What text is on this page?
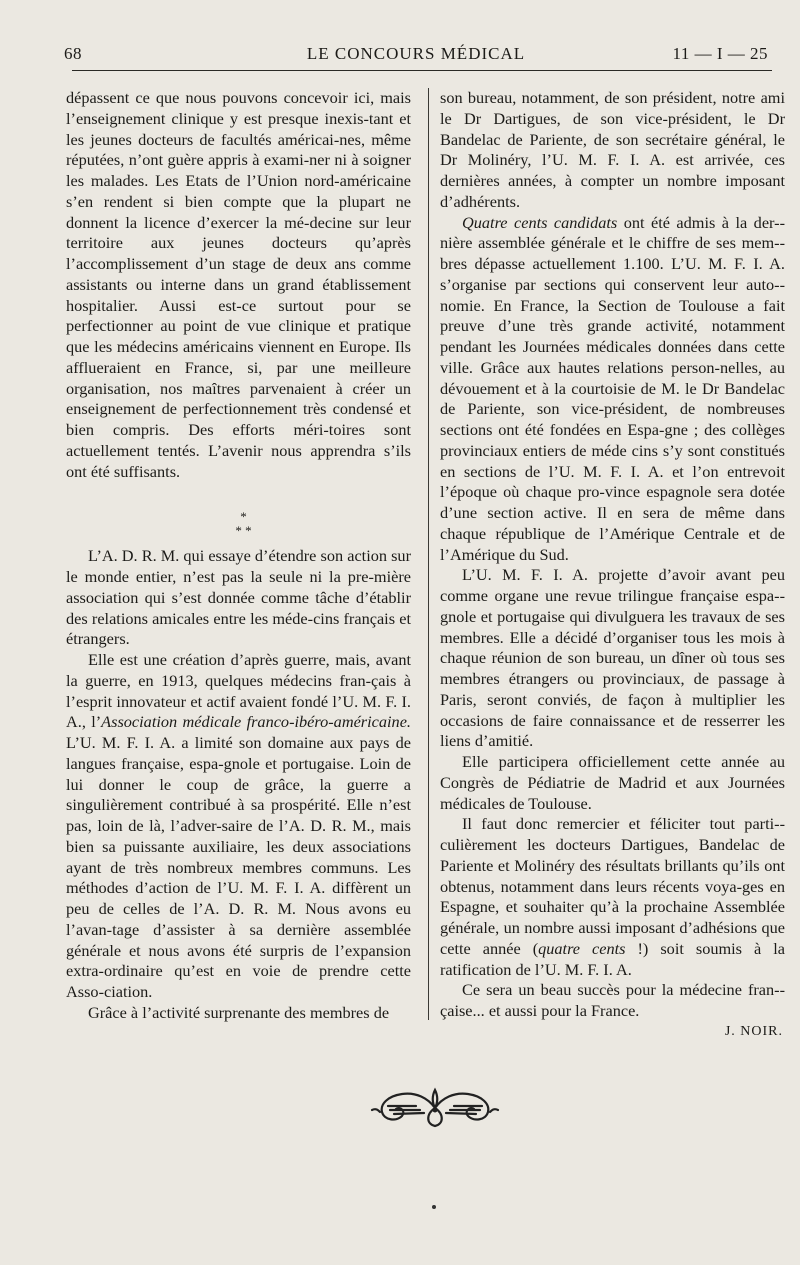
68	LE CONCOURS MÉDICAL	11 — I — 25

dépassent ce que nous pouvons concevoir ici, mais l’enseignement clinique y est presque inexis-tant et les jeunes docteurs de facultés américai-nes, même réputées, n’ont guère appris à exami-ner ni à soigner les malades. Les Etats de l’Union nord-américaine s’en rendent si bien compte que la plupart ne donnent la licence d’exercer la mé-decine sur leur territoire aux jeunes docteurs qu’après l’accomplissement d’un stage de deux ans comme assistants ou interne dans un grand établissement hospitalier. Aussi est-ce surtout pour se perfectionner au point de vue clinique et pratique que les médecins américains viennent en Europe. Ils afflueraient en France, si, par une meilleure organisation, nos maîtres parvenaient à créer un enseignement de perfectionnement très condensé et bien compris. Des efforts méri-toires sont actuellement tentés. L’avenir nous apprendra s’ils ont été suffisants.

*
* *

L’A. D. R. M. qui essaye d’étendre son action sur le monde entier, n’est pas la seule ni la pre-mière association qui s’est donnée comme tâche d’établir des relations amicales entre les méde-cins français et étrangers.

Elle est une création d’après guerre, mais, avant la guerre, en 1913, quelques médecins fran-çais à l’esprit innovateur et actif avaient fondé l’U. M. F. I. A., l’Association médicale franco-ibéro-américaine. L’U. M. F. I. A. a limité son domaine aux pays de langues française, espa-gnole et portugaise. Loin de lui donner le coup de grâce, la guerre a singulièrement contribué à sa prospérité. Elle n’est pas, loin de là, l’adver-saire de l’A. D. R. M., mais bien sa puissante auxiliaire, les deux associations ayant de très nombreux membres communs. Les méthodes d’action de l’U. M. F. I. A. diffèrent un peu de celles de l’A. D. R. M. Nous avons eu l’avan-tage d’assister à sa dernière assemblée générale et nous avons été surpris de l’expansion extra-ordinaire qu’est en voie de prendre cette Asso-ciation.

Grâce à l’activité surprenante des membres de

son bureau, notamment, de son président, notre ami le Dr Dartigues, de son vice-président, le Dr Bandelac de Pariente, de son secrétaire général, le Dr Molinéry, l’U. M. F. I. A. est arrivée, ces dernières années, à compter un nombre imposant d’adhérents.

Quatre cents candidats ont été admis à la der-nière assemblée générale et le chiffre de ses mem-bres dépasse actuellement 1.100. L’U. M. F. I. A. s’organise par sections qui conservent leur auto-nomie. En France, la Section de Toulouse a fait preuve d’une très grande activité, notamment pendant les Journées médicales données dans cette ville. Grâce aux hautes relations person-nelles, au dévouement et à la courtoisie de M. le Dr Bandelac de Pariente, son vice-président, de nombreuses sections ont été fondées en Espa-gne ; des collèges provinciaux entiers de méde cins s’y sont constitués en sections de l’U. M. F. I. A. et l’on entrevoit l’époque où chaque pro-vince espagnole sera dotée d’une section active. Il en sera de même dans chaque république de l’Amérique Centrale et de l’Amérique du Sud.

L’U. M. F. I. A. projette d’avoir avant peu comme organe une revue trilingue française espa-gnole et portugaise qui divulguera les travaux de ses membres. Elle a décidé d’organiser tous les mois à chaque réunion de son bureau, un dîner où tous ses membres étrangers ou provinciaux, de passage à Paris, seront conviés, de façon à multiplier les occasions de faire connaissance et de resserrer les liens d’amitié.

Elle participera officiellement cette année au Congrès de Pédiatrie de Madrid et aux Journées médicales de Toulouse.

Il faut donc remercier et féliciter tout parti-culièrement les docteurs Dartigues, Bandelac de Pariente et Molinéry des résultats brillants qu’ils ont obtenus, notamment dans leurs récents voya-ges en Espagne, et souhaiter qu’à la prochaine Assemblée générale, un nombre aussi imposant d’adhésions que cette année (quatre cents !) soit soumis à la ratification de l’U. M. F. I. A.

Ce sera un beau succès pour la médecine fran-çaise... et aussi pour la France.

J. NOIR.
